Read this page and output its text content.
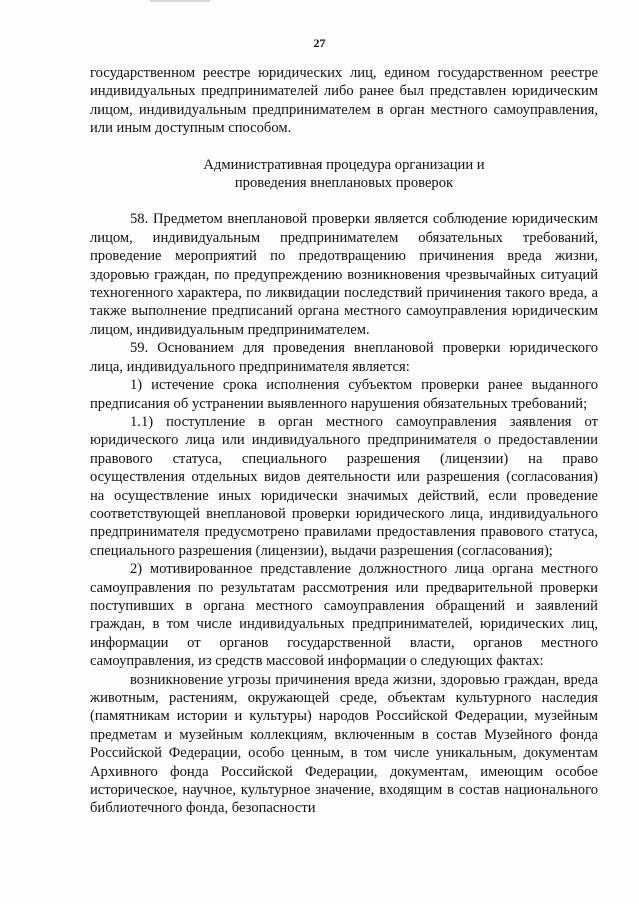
27

государственном реестре юридических лиц, едином государственном реестре индивидуальных предпринимателей либо ранее был представлен юридическим лицом, индивидуальным предпринимателем в орган местного самоуправления, или иным доступным способом.

Административная процедура организации и
проведения внеплановых проверок

58. Предметом внеплановой проверки является соблюдение юридическим лицом, индивидуальным предпринимателем обязательных требований, проведение мероприятий по предотвращению причинения вреда жизни, здоровью граждан, по предупреждению возникновения чрезвычайных ситуаций техногенного характера, по ликвидации последствий причинения такого вреда, а также выполнение предписаний органа местного самоуправления юридическим лицом, индивидуальным предпринимателем.

59. Основанием для проведения внеплановой проверки юридического лица, индивидуального предпринимателя является:

1) истечение срока исполнения субъектом проверки ранее выданного предписания об устранении выявленного нарушения обязательных требований;

1.1) поступление в орган местного самоуправления заявления от юридического лица или индивидуального предпринимателя о предоставлении правового статуса, специального разрешения (лицензии) на право осуществления отдельных видов деятельности или разрешения (согласования) на осуществление иных юридически значимых действий, если проведение соответствующей внеплановой проверки юридического лица, индивидуального предпринимателя предусмотрено правилами предоставления правового статуса, специального разрешения (лицензии), выдачи разрешения (согласования);

2) мотивированное представление должностного лица органа местного самоуправления по результатам рассмотрения или предварительной проверки поступивших в органа местного самоуправления обращений и заявлений граждан, в том числе индивидуальных предпринимателей, юридических лиц, информации от органов государственной власти, органов местного самоуправления, из средств массовой информации о следующих фактах:

возникновение угрозы причинения вреда жизни, здоровью граждан, вреда животным, растениям, окружающей среде, объектам культурного наследия (памятникам истории и культуры) народов Российской Федерации, музейным предметам и музейным коллекциям, включенным в состав Музейного фонда Российской Федерации, особо ценным, в том числе уникальным, документам Архивного фонда Российской Федерации, документам, имеющим особое историческое, научное, культурное значение, входящим в состав национального библиотечного фонда, безопасности
